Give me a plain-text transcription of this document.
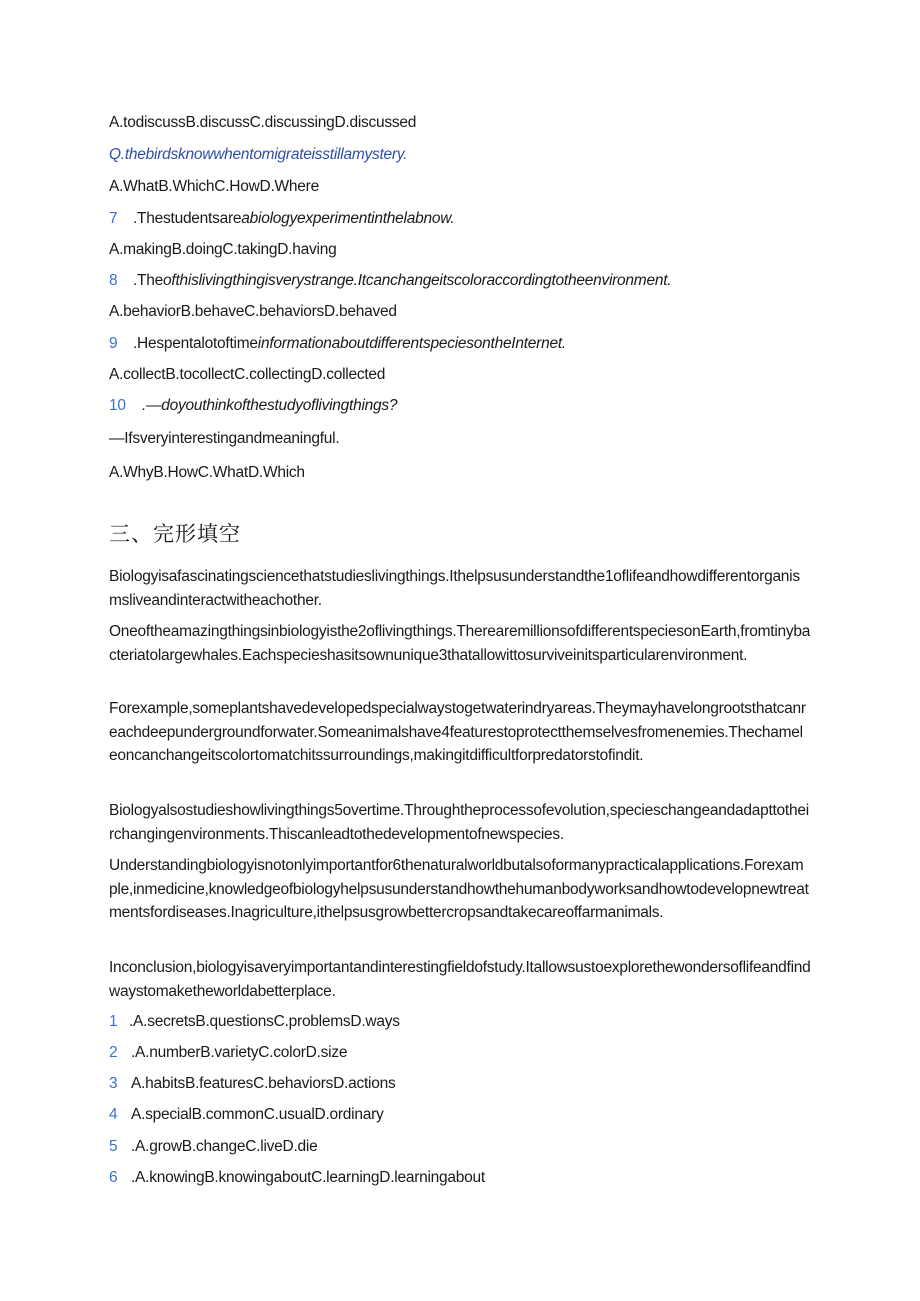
A.todiscussB.discussC.discussingD.discussed
Q.thebirdsknowwhentomigrateisstillamystery.
A.WhatB.WhichC.HowD.Where
7 .Thestudentsareabiologyexperimentinthelabnow.
A.makingB.doingC.takingD.having
8 .Theofthislivingthingisverystrange.Itcanchangeitscoloraccordingtotheenvironment.
A.behaviorB.behaveC.behaviorsD.behaved
9 .HespentalotoftimeinformationaboutdifferentspeciesontheInternet.
A.collectB.tocollectC.collectingD.collected
10 .—doyouthinkofthestudyoflivingthings?
—Ifsveryinterestingandmeaningful.
A.WhyB.HowC.WhatD.Which
三、完形填空
Biologyisafascinatingsciencethatstudieslivingthings.Ithelpsusunderstandthe1oflifeandhowdifferentorganismsliveandinteractwitheachother.
Oneoftheamazingthingsinbiologyisthe2oflivingthings.TherearemillionsofdifferentspeciesonEarth,fromtinybacteriatolargewhales.Eachspecieshasitsownunique3thatallowittosurviveinitsparticularenvironment.
Forexample,someplantshavedevelopedspecialwaystogetwaterindryareas.Theymayhavelongrootsthatcanreachdeepundergroundforwater.Someanimalshave4featurestoprotectthemselvesfromenemies.Thechameleoncanchangeitscolortomatchitssurroundings,makingitdifficultforpredatorstofindit.
Biologyalsostudieshowlivingthings5overtime.Throughtheprocessofevolution,specieschangeandadapttotheirchangingenvironments.Thiscanleadtothedevelopmentofnewspecies.
Understandingbiologyisnotonlyimportantfor6thenaturalworldbutalsoformanypracticalapplications.Forexample,inmedicine,knowledgeofbiologyhelpsusunderstandhowthehumanbodyworksandhowtodevelopnewtreatmentsfordiseases.Inagriculture,ithelpsusgrowbettercropsandtakecareoffarmanimals.
Inconclusion,biologyisaveryimportantandinterestingfieldofstudy.Itallowsustoexplorethewondersoflifeandfindwaystomaketheworldabetterplace.
1 .A.secretsB.questionsC.problemsD.ways
2 .A.numberB.varietyC.colorD.size
3 A.habitsB.featuresC.behaviorsD.actions
4 A.specialB.commonC.usualD.ordinary
5 .A.growB.changeC.liveD.die
6 .A.knowingB.knowingaboutC.learningD.learningabout
